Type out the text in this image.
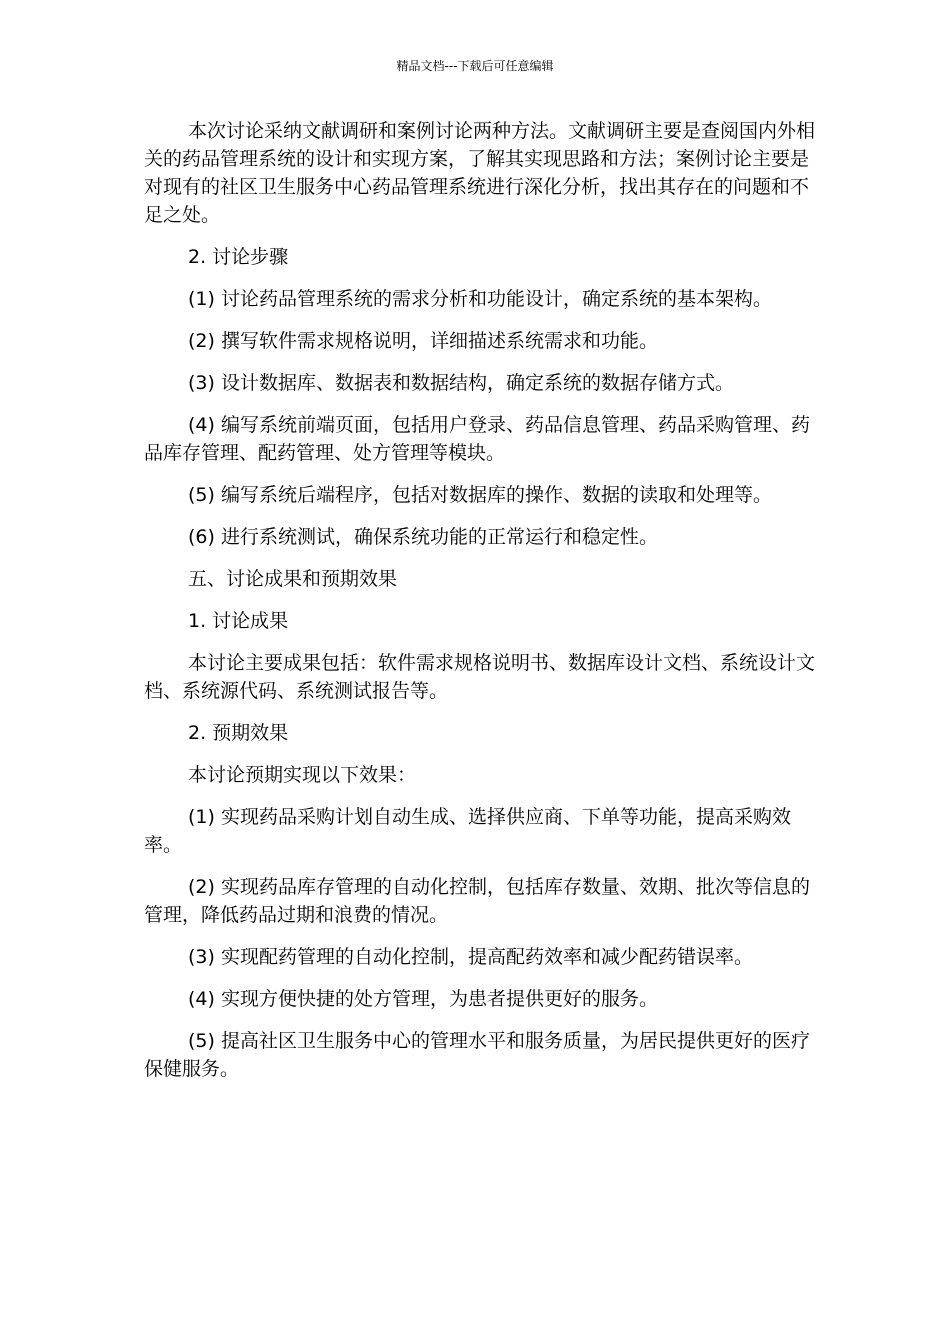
精品文档---下载后可任意编辑

本次讨论采纳文献调研和案例讨论两种方法。文献调研主要是查阅国内外相关的药品管理系统的设计和实现方案，了解其实现思路和方法；案例讨论主要是对现有的社区卫生服务中心药品管理系统进行深化分析，找出其存在的问题和不足之处。

2. 讨论步骤

(1) 讨论药品管理系统的需求分析和功能设计，确定系统的基本架构。

(2) 撰写软件需求规格说明，详细描述系统需求和功能。

(3) 设计数据库、数据表和数据结构，确定系统的数据存储方式。

(4) 编写系统前端页面，包括用户登录、药品信息管理、药品采购管理、药品库存管理、配药管理、处方管理等模块。

(5) 编写系统后端程序，包括对数据库的操作、数据的读取和处理等。

(6) 进行系统测试，确保系统功能的正常运行和稳定性。

五、讨论成果和预期效果

1. 讨论成果

本讨论主要成果包括：软件需求规格说明书、数据库设计文档、系统设计文档、系统源代码、系统测试报告等。

2. 预期效果

本讨论预期实现以下效果：

(1) 实现药品采购计划自动生成、选择供应商、下单等功能，提高采购效率。

(2) 实现药品库存管理的自动化控制，包括库存数量、效期、批次等信息的管理，降低药品过期和浪费的情况。

(3) 实现配药管理的自动化控制，提高配药效率和减少配药错误率。

(4) 实现方便快捷的处方管理，为患者提供更好的服务。

(5) 提高社区卫生服务中心的管理水平和服务质量，为居民提供更好的医疗保健服务。
